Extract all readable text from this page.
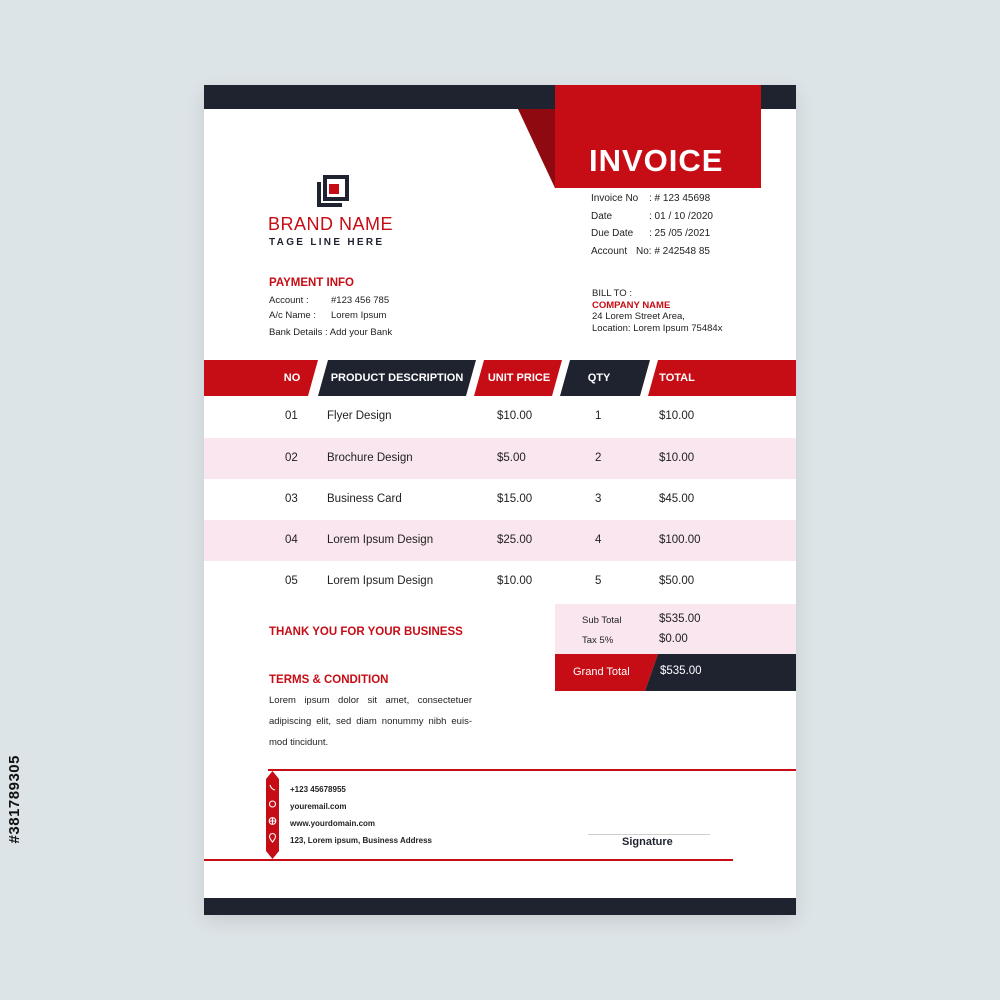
#381789305
INVOICE
BRAND NAME
TAGE LINE HERE
Invoice No : # 123 45698
Date	: 01 / 10 /2020
Due Date : 25 /05 /2021
Account No: # 242548 85
PAYMENT INFO
Account : #123 456 785
A/c Name : Lorem Ipsum
Bank Details : Add your Bank
BILL TO :
COMPANY NAME
24 Lorem Street Area,
Location: Lorem Ipsum 75484x
NO	PRODUCT DESCRIPTION	UNIT PRICE	QTY	TOTAL
01	Flyer Design	$10.00	1	$10.00
02	Brochure Design	$5.00	2	$10.00
03	Business Card	$15.00	3	$45.00
04	Lorem Ipsum Design	$25.00	4	$100.00
05	Lorem Ipsum Design	$10.00	5	$50.00
Sub Total	$535.00
Tax 5%	$0.00
Grand Total	$535.00
THANK YOU FOR YOUR BUSINESS
TERMS & CONDITION
Lorem ipsum dolor sit amet, consectetuer adipiscing elit, sed diam nonummy nibh euis- mod tincidunt.
+123 45678955
youremail.com
www.yourdomain.com
123, Lorem ipsum, Business Address	Signature
